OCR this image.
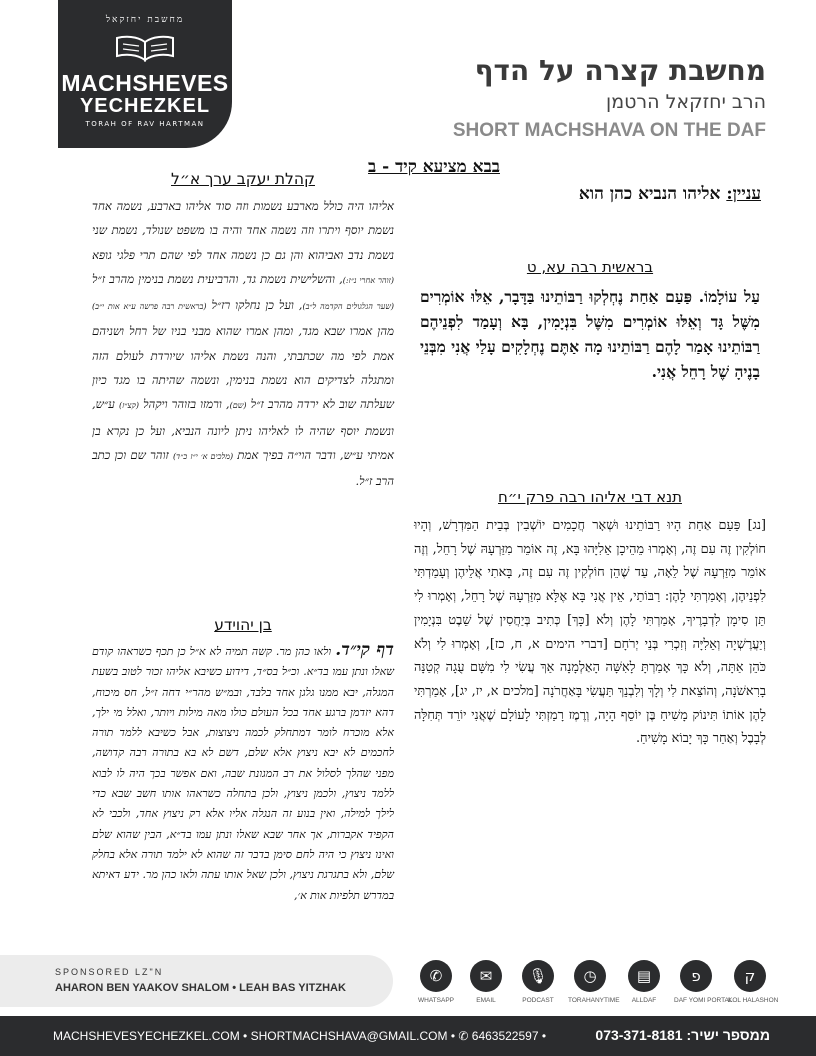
מחשבת יחזקאל
MACHSHEVES
YECHEZKEL
TORAH OF RAV HARTMAN
מחשבת קצרה על הדף
הרב יחזקאל הרטמן
SHORT MACHSHAVA ON THE DAF
בבא מציעא קיד - ב
עניין: אליהו הנביא כהן הוא
בראשית רבה עא, ט
עַל עוֹלָמוֹ. פַּעַם אַחַת נֶחְלְקוּ רַבּוֹתֵינוּ בַּדָּבָר, אֵלּוּ אוֹמְרִים מִשֶּׁל גָּד וְאֵלּוּ אוֹמְרִים מִשֶּׁל בִּנְיָמִין, בָּא וְעָמַד לִפְנֵיהֶם רַבּוֹתֵינוּ אָמַר לָהֶם רַבּוֹתֵינוּ מָה אַתֶּם נֶחְלָקִים עָלַי אֲנִי מִבְּנֵי בָנֶיהָ שֶׁל רָחֵל אֲנִי.
תנא דבי אליהו רבה פרק י״ח
[נג] פַּעַם אַחַת הָיוּ רַבּוֹתֵינוּ וּשְׁאָר חֲכָמִים יוֹשְׁבִין בְּבֵית הַמִּדְרָשׁ, וְהָיוּ חוֹלְקִין זֶה עִם זֶה, וְאָמְרוּ מֵהֵיכָן אֵלִיָּהוּ בָּא, זֶה אוֹמֵר מִזַּרְעָהּ שֶׁל רָחֵל, וְזֶה אוֹמֵר מִזַּרְעָהּ שֶׁל לֵאָה, עַד שֶׁהֵן חוֹלְקִין זֶה עִם זֶה, בָּאתִי אֲלֵיהֶן וְעָמַדְתִּי לִפְנֵיהֶן, וְאָמַרְתִּי לָהֶן: רַבּוֹתַי, אֵין אֲנִי בָּא אֶלָּא מִזַּרְעָהּ שֶׁל רָחֵל, וְאָמְרוּ לִי תֵּן סִימָן לִדְבָרֶיךָ, אָמַרְתִּי לָהֶן וְלֹא [כָּךְ] כְּתִיב בְּיַחֲסִין שֶׁל שֵׁבֶט בִּנְיָמִין וְיַעֲרֶשְׁיָה וְאֵלִיָּה וְזִכְרִי בְּנֵי יְרֹחָם [דברי הימים א, ח, כז], וְאָמְרוּ לִי וְלֹא כֹּהֵן אַתָּה, וְלֹא כָּךְ אָמַרְתָּ לָאִשָּׁה הָאַלְמָנָה אַךְ עֲשִׂי לִי מִשָּׁם עֻגָה קְטַנָּה בָרִאשֹׁנָה, וְהוֹצֵאת לִי וְלָךְ וְלִבְנֵךְ תַּעֲשִׂי בָּאַחֲרֹנָה [מלכים א, יז, יג], אָמַרְתִּי לָהֶן אוֹתוֹ תִּינוֹק מָשִׁיחַ בֶּן יוֹסֵף הָיָה, וְרֶמֶז רָמַזְתִּי לָעוֹלָם שֶׁאֲנִי יוֹרֵד תְּחִלָּה לְבָבֶל וְאַחַר כָּךְ יָבוֹא מָשִׁיחַ.
קהלת יעקב ערך א״ל
אליהו היה כולל מארבע נשמות וזה סוד אליהו בארבע, נשמה אחד נשמת יוסף ויתרו וזה נשמה אחד והיה בו משפט שנולד, נשמת שני נשמת נדב ואביהוא והן גם כן נשמה אחד לפי שהם תרי פלגי גופא (זוהר אחרי נ״ז:), והשלישית נשמת גד, והרביעית נשמת בנימין מהרב ז״ל (שער הגלגולים הקדמה ל״ב), ועל כן נחלקו רז״ל (בראשית רבה פרשה ע״א אות י״ב) מהן אמרו שבא מגד, ומהן אמרו שהוא מבני בניו של רחל ושניהם אמת לפי מה שכתבתי, והנה נשמת אליהו שיורדת לעולם הזה ומתגלה לצדיקים הוא נשמת בנימין, ונשמה שהיתה בו מגד כיון שעלתה שוב לא ירדה מהרב ז״ל (שם), ורמזו בזוהר ויקהל (קצ״ז) ע״ש, ונשמת יוסף שהיה לו לאליהו ניתן ליונה הנביא, ועל כן נקרא בן אמיתי ע״ש, ודבר הוי״ה בפיך אמת (מלכים א׳ י״ז כ״ד) זוהר שם וכן כתב הרב ז״ל.
בן יהוידע
דף קי״ד. ולאו כהן מר. קשה תמיה לא א״ל כן תכף כשראהו קודם שאלו ונתן עמו בד״א. וכ״ל בס״ד, דידוע כשיבא אליהו זכור לטוב בשעת המגלה, יבא ממנו גלגן אחד בלבד, ובמ״ש מהר״י דחה ז״ל, חס מיכוח, דהא יזדמן ברגע אחד בכל העולם כולו מאה מילות ויותר, ואלל מי ילך, אלא מוכרח לומר דמתחלק לכמה ניצוצות, אבל כשיבא ללמד תורה לחכמים לא יבא ניצוץ אלא שלם, דשם לא בא בתורה רבה קדושה, מפני שהלך לסלול את רב המגונת שבה, ואם אפשר בכך היה לו לבוא ללמד ניצוץ, ולכמן ניצוץ, ולכן בתחלה כשראהו אותו חשב שבא כדי לילך למילה, ואין בנוע זה הנגלה אליו אלא רק ניצוץ אחד, ולכבי לא הקפיד אקברות, אך אחר שבא שאלו ונתן עמו בד״א, הבין שהוא שלם ואינו ניצוץ כי היה לחם סימן בדבר זה שהוא לא ילמד תורה אלא בחלק שלם, ולא בתגרגת ניצוץ, ולכן שאל אותו עתה ולאו כהן מר. ידע דאיתא במדרש תלפיות אות א׳,
SPONSORED LZ"N
AHARON BEN YAAKOV SHALOM • LEAH BAS YITZHAK
✆
WHATSAPP
✉
EMAIL
🎙
PODCAST
◷
TORAHANYTIME
▤
ALLDAF
פ
DAF YOMI PORTAL
ק
KOL HALASHON
MACHSHEVESYECHEZKEL.COM • SHORTMACHSHAVA@GMAIL.COM • ✆ 6463522597 •	ממספר ישיר: 073-371-8181
